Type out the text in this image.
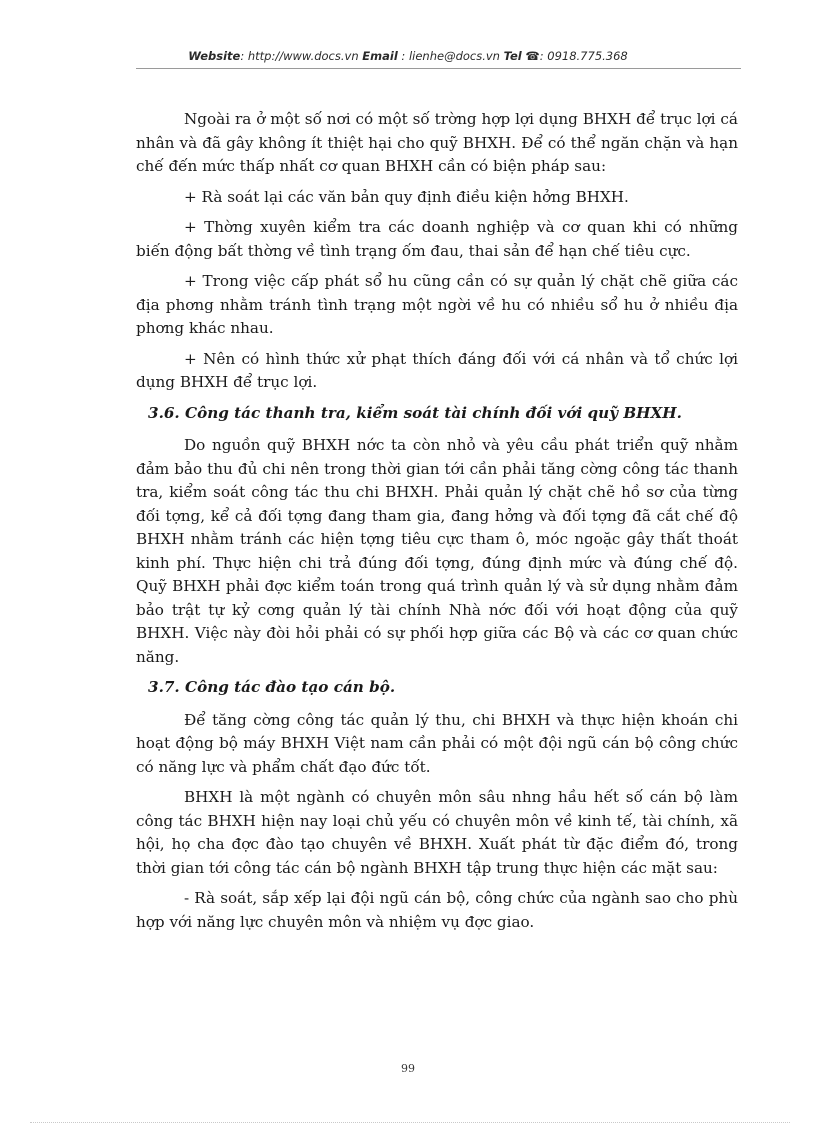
Website: http://www.docs.vn Email : lienhe@docs.vn Tel ☎: 0918.775.368

Ngoài ra ở một số nơi có một số trờng hợp lợi dụng BHXH để trục lợi cá nhân và đã gây không ít thiệt hại cho quỹ BHXH. Để có thể ngăn chặn và hạn chế đến mức thấp nhất cơ quan BHXH cần có biện pháp sau:

+ Rà soát lại các văn bản quy định điều kiện hởng BHXH.

+ Thờng xuyên kiểm tra các doanh nghiệp và cơ quan khi có những biến động bất thờng về tình trạng ốm đau, thai sản để hạn chế tiêu cực.

+ Trong việc cấp phát sổ hu cũng cần có sự quản lý chặt chẽ giữa các địa phơng nhằm tránh tình trạng một ngời về hu có nhiều sổ hu ở nhiều địa phơng khác nhau.

+ Nên có hình thức xử phạt thích đáng đối với cá nhân và tổ chức lợi dụng BHXH để trục lợi.

3.6. Công tác thanh tra, kiểm soát tài chính đối với quỹ BHXH.

Do nguồn quỹ BHXH nớc ta còn nhỏ và yêu cầu phát triển quỹ nhằm đảm bảo thu đủ chi nên trong thời gian tới cần phải tăng cờng công tác thanh tra, kiểm soát công tác thu chi BHXH. Phải quản lý chặt chẽ hồ sơ của từng đối tợng, kể cả đối tợng đang tham gia, đang hởng và đối tợng đã cắt chế độ BHXH nhằm tránh các hiện tợng tiêu cực tham ô, móc ngoặc gây thất thoát kinh phí. Thực hiện chi trả đúng đối tợng, đúng định mức và đúng chế độ. Quỹ BHXH phải đợc kiểm toán trong quá trình quản lý và sử dụng nhằm đảm bảo trật tự kỷ cơng quản lý tài chính Nhà nớc đối với hoạt động của quỹ BHXH. Việc này đòi hỏi phải có sự phối hợp giữa các Bộ và các cơ quan chức năng.

3.7. Công tác đào tạo cán bộ.

Để tăng cờng công tác quản lý thu, chi BHXH và thực hiện khoán chi hoạt động bộ máy BHXH Việt nam cần phải có một đội ngũ cán bộ công chức có năng lực và phẩm chất đạo đức tốt.

BHXH là một ngành có chuyên môn sâu nhng hầu hết số cán bộ làm công tác BHXH hiện nay loại chủ yếu có chuyên môn về kinh tế, tài chính, xã hội, họ cha đợc đào tạo chuyên về BHXH. Xuất phát từ đặc điểm đó, trong thời gian tới công tác cán bộ ngành BHXH tập trung thực hiện các mặt sau:

- Rà soát, sắp xếp lại đội ngũ cán bộ, công chức của ngành sao cho phù hợp với năng lực chuyên môn và nhiệm vụ đợc giao.

99
